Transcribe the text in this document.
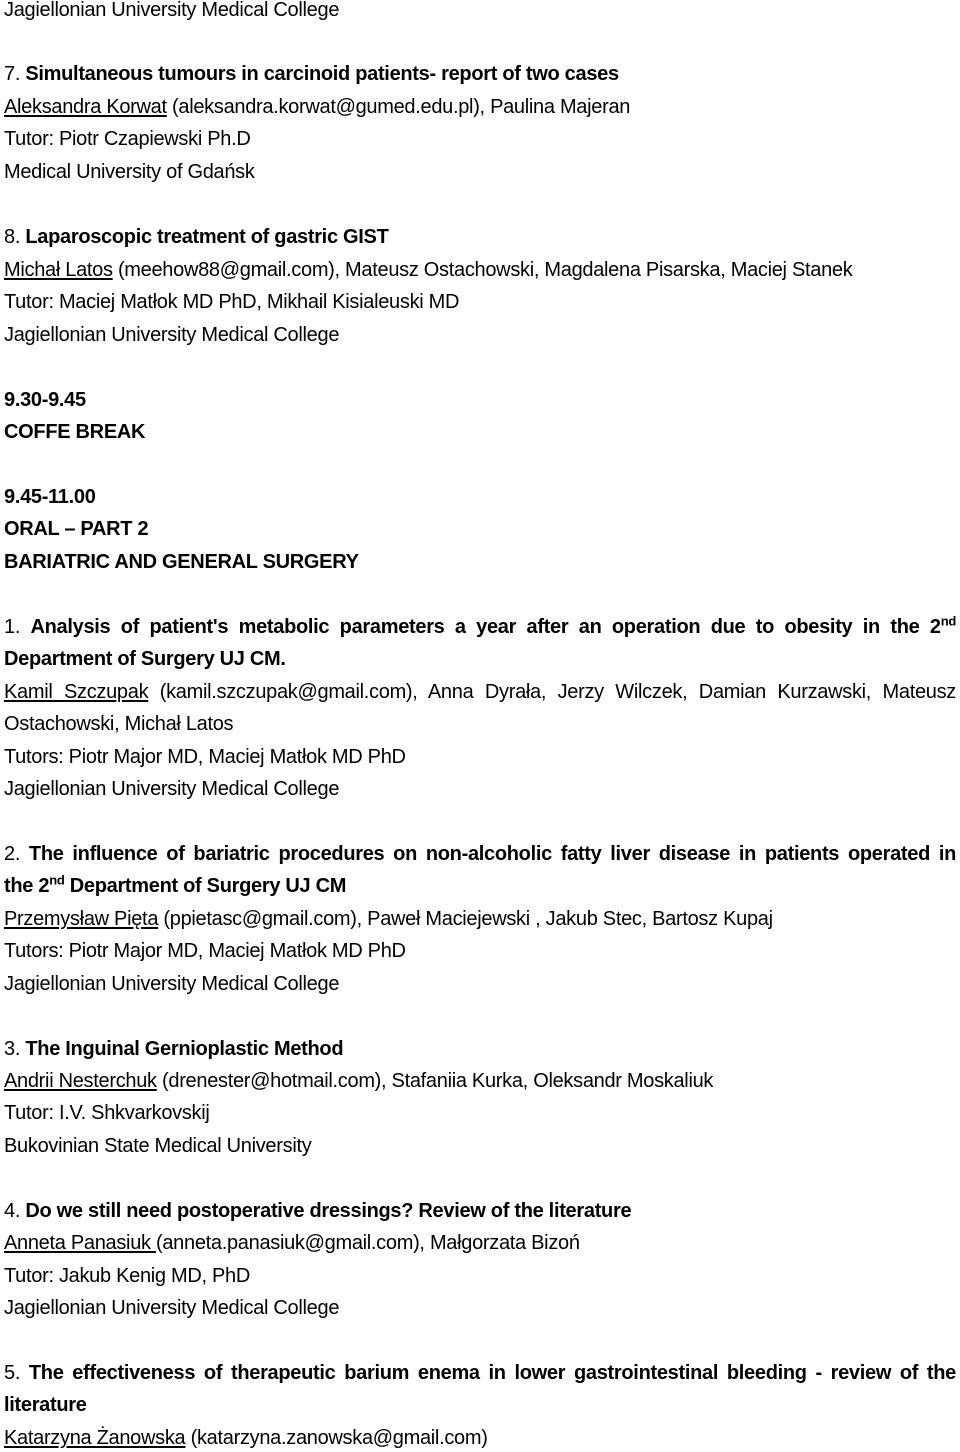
Jagiellonian University Medical College
7. Simultaneous tumours in carcinoid patients- report of two cases
Aleksandra Korwat (aleksandra.korwat@gumed.edu.pl), Paulina Majeran
Tutor: Piotr Czapiewski Ph.D
Medical University of Gdańsk
8. Laparoscopic treatment of gastric GIST
Michał Latos (meehow88@gmail.com), Mateusz Ostachowski, Magdalena Pisarska, Maciej Stanek
Tutor: Maciej Matłok MD PhD, Mikhail Kisialeuski MD
Jagiellonian University Medical College
9.30-9.45
COFFE BREAK
9.45-11.00
ORAL – PART 2
BARIATRIC AND GENERAL SURGERY
1. Analysis of patient's metabolic parameters a year after an operation due to obesity in the 2nd
Department of Surgery UJ CM.
Kamil Szczupak (kamil.szczupak@gmail.com), Anna Dyrała, Jerzy Wilczek, Damian Kurzawski, Mateusz
Ostachowski, Michał Latos
Tutors: Piotr Major MD, Maciej Matłok MD PhD
Jagiellonian University Medical College
2. The influence of bariatric procedures on non-alcoholic fatty liver disease in patients operated in
the 2nd Department of Surgery UJ CM
Przemysław Pięta (ppietasc@gmail.com), Paweł Maciejewski , Jakub Stec, Bartosz Kupaj
Tutors: Piotr Major MD, Maciej Matłok MD PhD
Jagiellonian University Medical College
3. The Inguinal Gernioplastic Method
Andrii Nesterchuk (drenester@hotmail.com), Stafaniia Kurka, Oleksandr Moskaliuk
Tutor: I.V. Shkvarkovskij
Bukovinian State Medical University
4. Do we still need postoperative dressings? Review of the literature
Anneta Panasiuk (anneta.panasiuk@gmail.com), Małgorzata Bizoń
Tutor: Jakub Kenig MD, PhD
Jagiellonian University Medical College
5. The effectiveness of therapeutic barium enema in lower gastrointestinal bleeding - review of the
literature
Katarzyna Żanowska (katarzyna.zanowska@gmail.com)
